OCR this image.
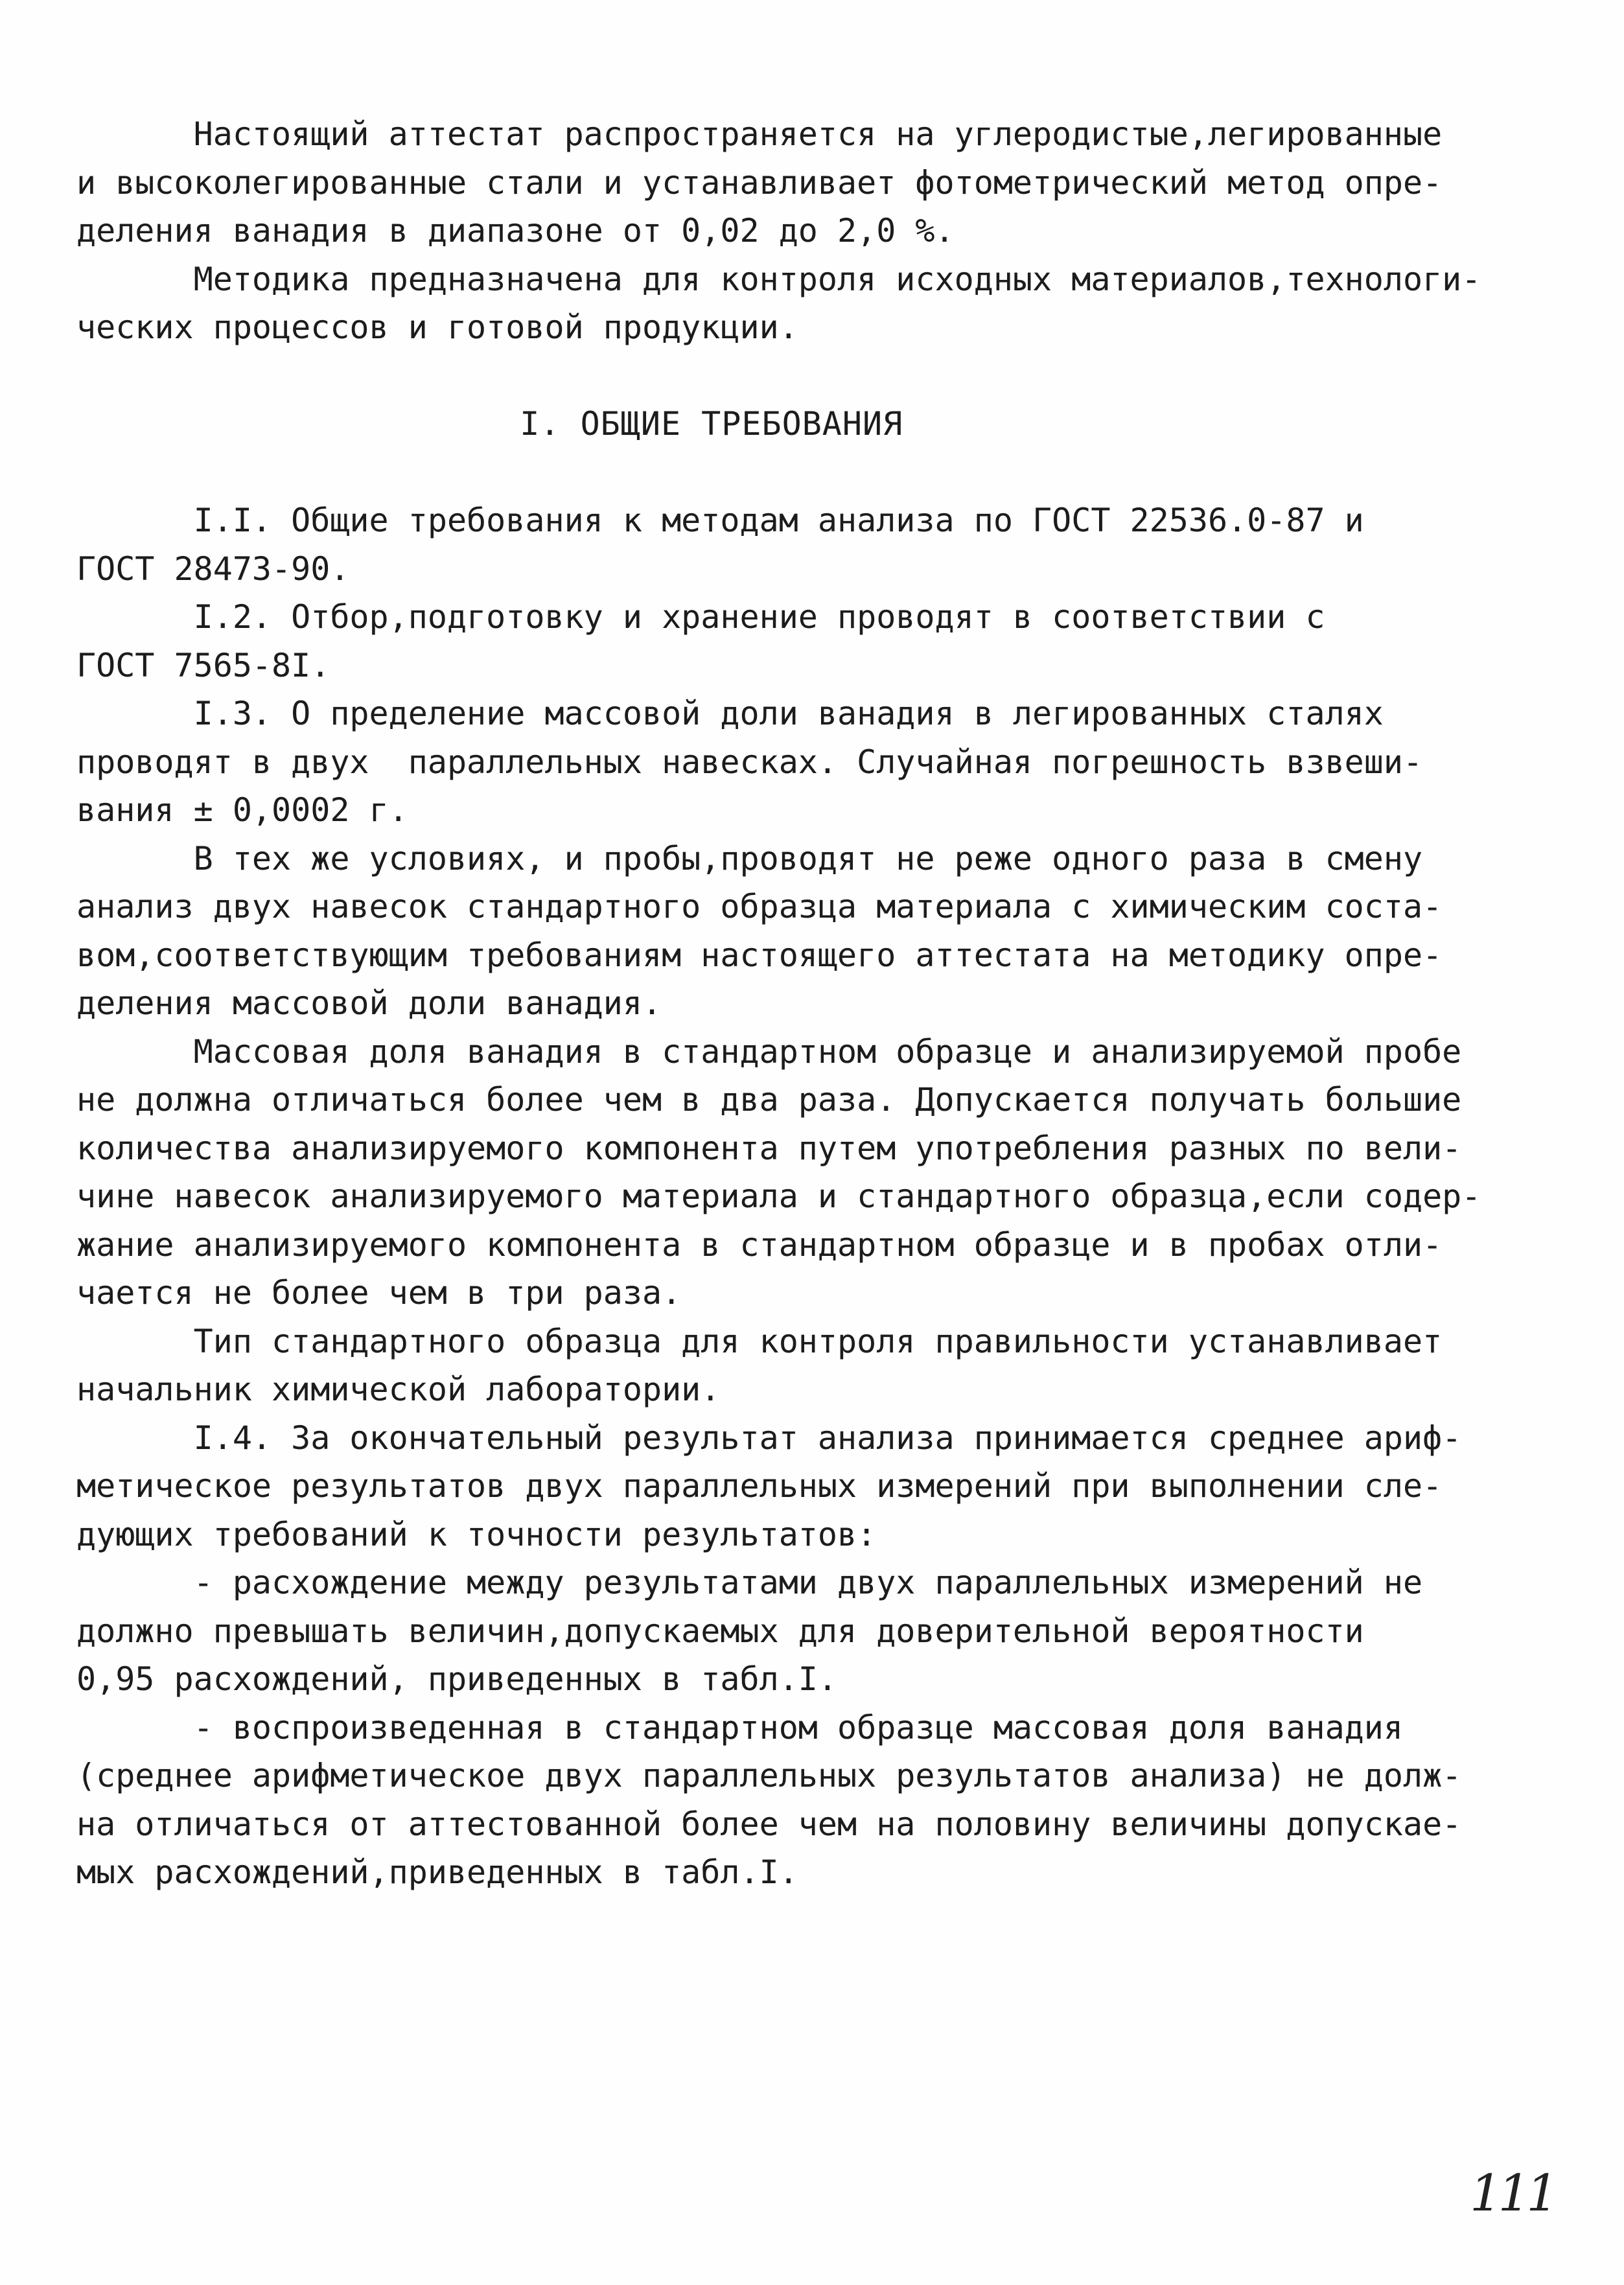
Настоящий аттестат распространяется на углеродистые,легированные
и высоколегированные стали и устанавливает фотометрический метод опре-
деления ванадия в диапазоне от 0,02 до 2,0 %.
Методика предназначена для контроля исходных материалов,технологи-
ческих процессов и готовой продукции.
I. ОБЩИЕ ТРЕБОВАНИЯ
I.I. Общие требования к методам анализа по ГОСТ 22536.0-87 и
ГОСТ 28473-90.
I.2. Отбор,подготовку и хранение проводят в соответствии с
ГОСТ 7565-8I.
I.3. О пределение массовой доли ванадия в легированных сталях
проводят в двух  параллельных навесках. Случайная погрешность взвеши-
вания ± 0,0002 г.
В тех же условиях, и пробы,проводят не реже одного раза в смену
анализ двух навесок стандартного образца материала с химическим соста-
вом,соответствующим требованиям настоящего аттестата на методику опре-
деления массовой доли ванадия.
Массовая доля ванадия в стандартном образце и анализируемой пробе
не должна отличаться более чем в два раза. Допускается получать большие
количества анализируемого компонента путем употребления разных по вели-
чине навесок анализируемого материала и стандартного образца,если содер-
жание анализируемого компонента в стандартном образце и в пробах отли-
чается не более чем в три раза.
Тип стандартного образца для контроля правильности устанавливает
начальник химической лаборатории.
I.4. За окончательный результат анализа принимается среднее ариф-
метическое результатов двух параллельных измерений при выполнении сле-
дующих требований к точности результатов:
- расхождение между результатами двух параллельных измерений не
должно превышать величин,допускаемых для доверительной вероятности
0,95 расхождений, приведенных в табл.I.
- воспроизведенная в стандартном образце массовая доля ванадия
(среднее арифметическое двух параллельных результатов анализа) не долж-
на отличаться от аттестованной более чем на половину величины допускае-
мых расхождений,приведенных в табл.I.
111
